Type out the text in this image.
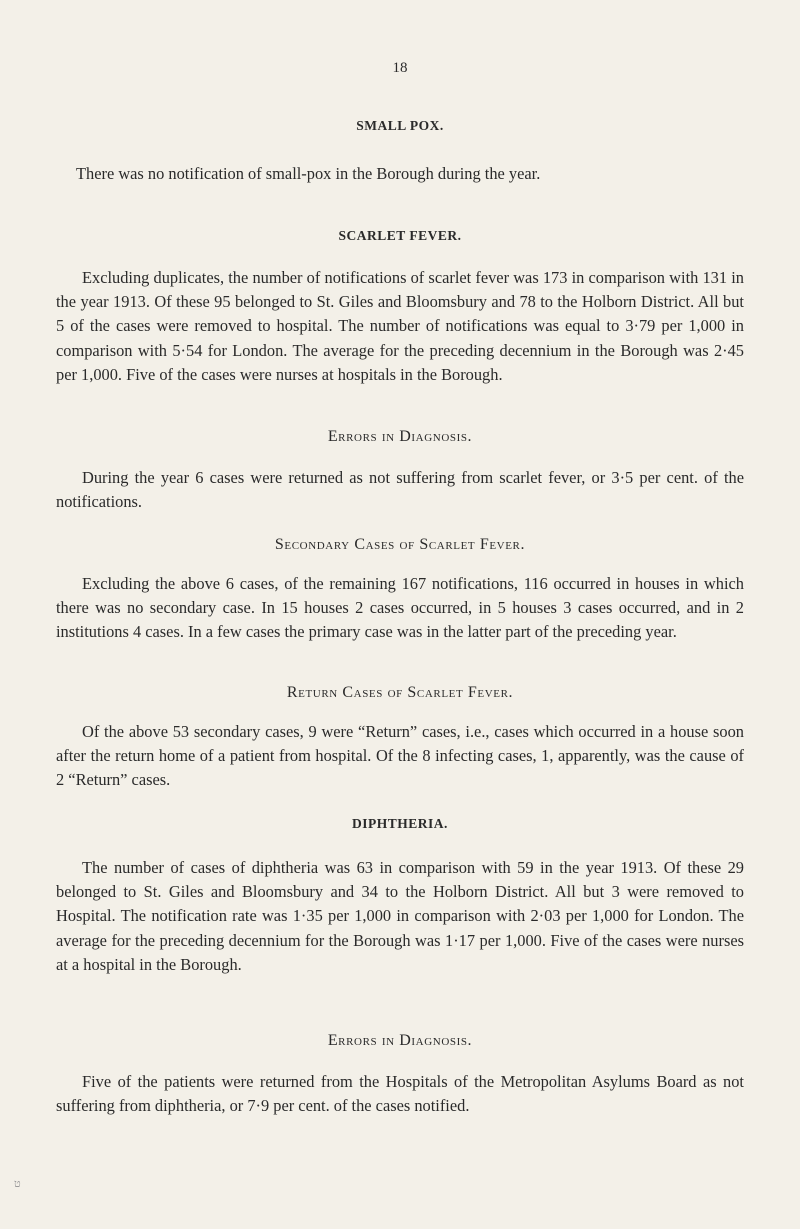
18
SMALL POX.

There was no notification of small-pox in the Borough during the year.

SCARLET FEVER.

Excluding duplicates, the number of notifications of scarlet fever was 173 in comparison with 131 in the year 1913. Of these 95 belonged to St. Giles and Bloomsbury and 78 to the Holborn District. All but 5 of the cases were removed to hospital. The number of notifications was equal to 3·79 per 1,000 in comparison with 5·54 for London. The average for the preceding decennium in the Borough was 2·45 per 1,000. Five of the cases were nurses at hospitals in the Borough.

Errors in Diagnosis.

During the year 6 cases were returned as not suffering from scarlet fever, or 3·5 per cent. of the notifications.

Secondary Cases of Scarlet Fever.

Excluding the above 6 cases, of the remaining 167 notifications, 116 occurred in houses in which there was no secondary case. In 15 houses 2 cases occurred, in 5 houses 3 cases occurred, and in 2 institutions 4 cases. In a few cases the primary case was in the latter part of the preceding year.

Return Cases of Scarlet Fever.

Of the above 53 secondary cases, 9 were “Return” cases, i.e., cases which occurred in a house soon after the return home of a patient from hospital. Of the 8 infecting cases, 1, apparently, was the cause of 2 “Return” cases.

DIPHTHERIA.

The number of cases of diphtheria was 63 in comparison with 59 in the year 1913. Of these 29 belonged to St. Giles and Bloomsbury and 34 to the Holborn District. All but 3 were removed to Hospital. The notification rate was 1·35 per 1,000 in comparison with 2·03 per 1,000 for London. The average for the preceding decennium for the Borough was 1·17 per 1,000. Five of the cases were nurses at a hospital in the Borough.

Errors in Diagnosis.

Five of the patients were returned from the Hospitals of the Metropolitan Asylums Board as not suffering from diphtheria, or 7·9 per cent. of the cases notified.

ט
